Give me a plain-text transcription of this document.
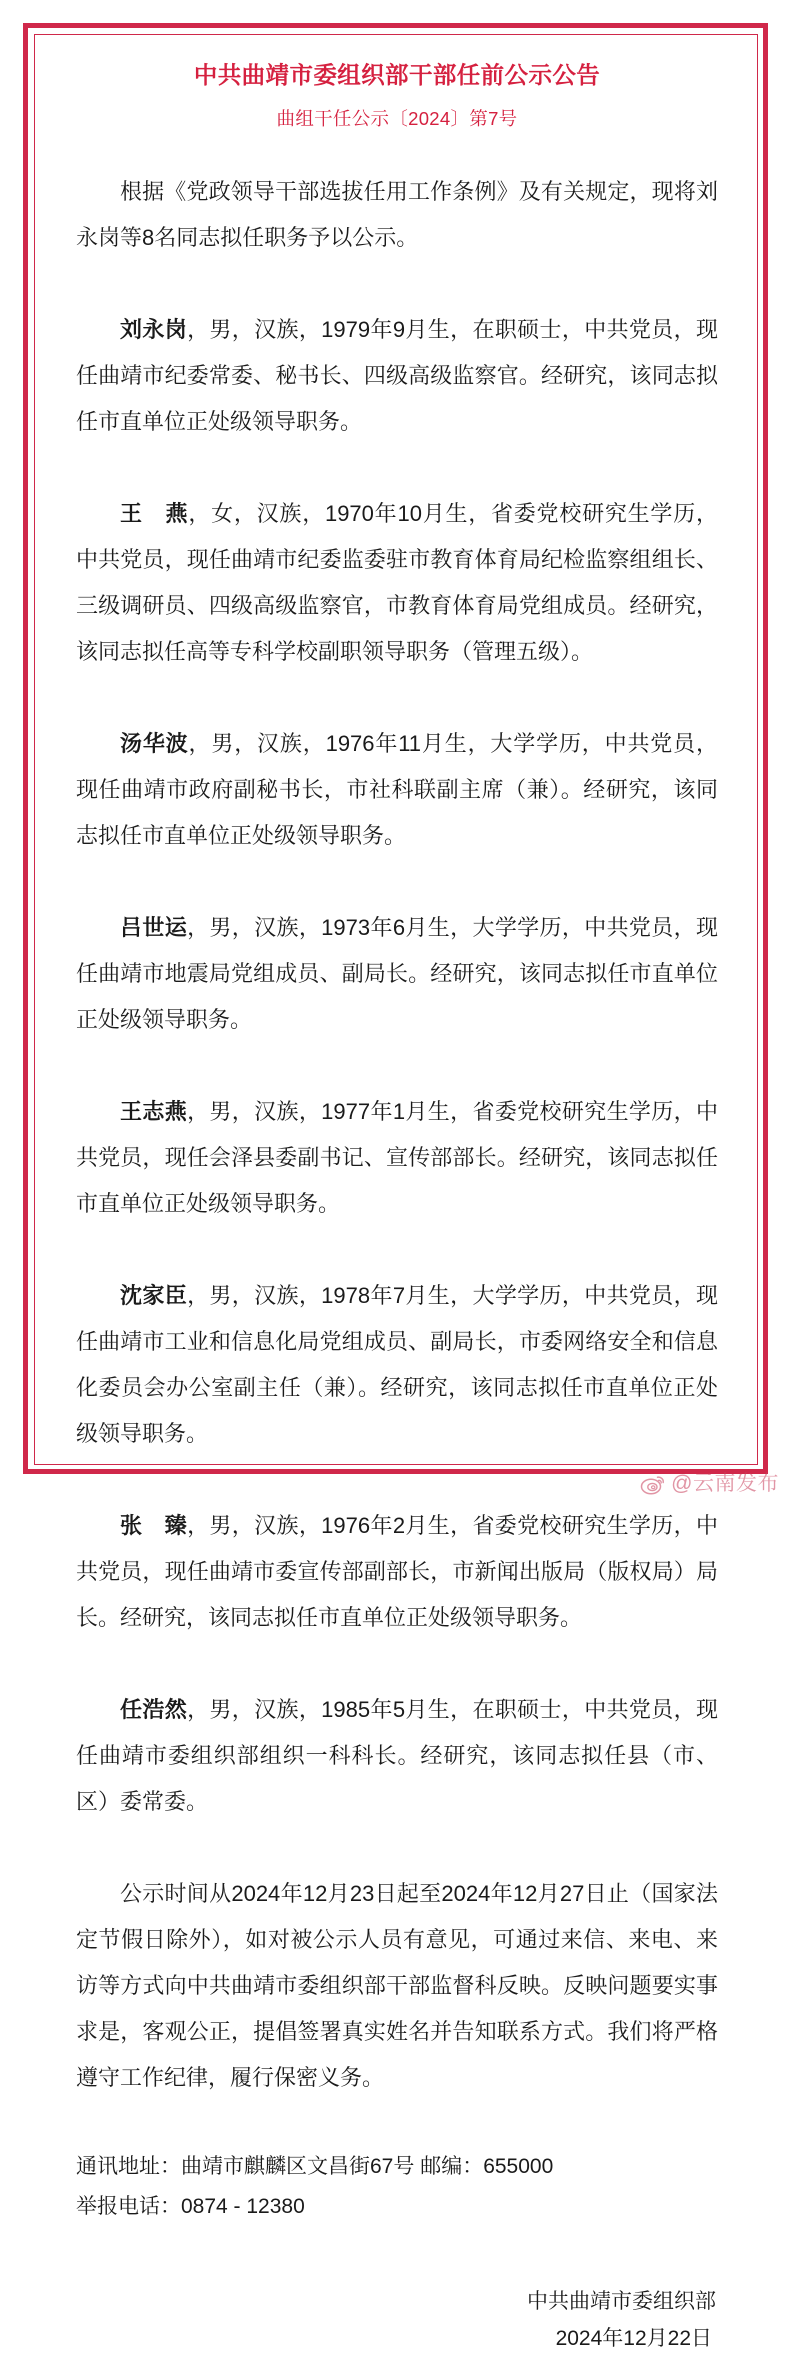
中共曲靖市委组织部干部任前公示公告
曲组干任公示〔2024〕第7号

根据《党政领导干部选拔任用工作条例》及有关规定，现将刘永岗等8名同志拟任职务予以公示。

刘永岗，男，汉族，1979年9月生，在职硕士，中共党员，现任曲靖市纪委常委、秘书长、四级高级监察官。经研究，该同志拟任市直单位正处级领导职务。

王 燕，女，汉族，1970年10月生，省委党校研究生学历，中共党员，现任曲靖市纪委监委驻市教育体育局纪检监察组组长、三级调研员、四级高级监察官，市教育体育局党组成员。经研究，该同志拟任高等专科学校副职领导职务（管理五级）。

汤华波，男，汉族，1976年11月生，大学学历，中共党员，现任曲靖市政府副秘书长，市社科联副主席（兼）。经研究，该同志拟任市直单位正处级领导职务。

吕世运，男，汉族，1973年6月生，大学学历，中共党员，现任曲靖市地震局党组成员、副局长。经研究，该同志拟任市直单位正处级领导职务。

王志燕，男，汉族，1977年1月生，省委党校研究生学历，中共党员，现任会泽县委副书记、宣传部部长。经研究，该同志拟任市直单位正处级领导职务。

沈家臣，男，汉族，1978年7月生，大学学历，中共党员，现任曲靖市工业和信息化局党组成员、副局长，市委网络安全和信息化委员会办公室副主任（兼）。经研究，该同志拟任市直单位正处级领导职务。

张 臻，男，汉族，1976年2月生，省委党校研究生学历，中共党员，现任曲靖市委宣传部副部长，市新闻出版局（版权局）局长。经研究，该同志拟任市直单位正处级领导职务。

任浩然，男，汉族，1985年5月生，在职硕士，中共党员，现任曲靖市委组织部组织一科科长。经研究，该同志拟任县（市、区）委常委。

公示时间从2024年12月23日起至2024年12月27日止（国家法定节假日除外），如对被公示人员有意见，可通过来信、来电、来访等方式向中共曲靖市委组织部干部监督科反映。反映问题要实事求是，客观公正，提倡签署真实姓名并告知联系方式。我们将严格遵守工作纪律，履行保密义务。

通讯地址：曲靖市麒麟区文昌街67号 邮编：655000

举报电话：0874 - 12380

中共曲靖市委组织部

2024年12月22日

@云南发布
